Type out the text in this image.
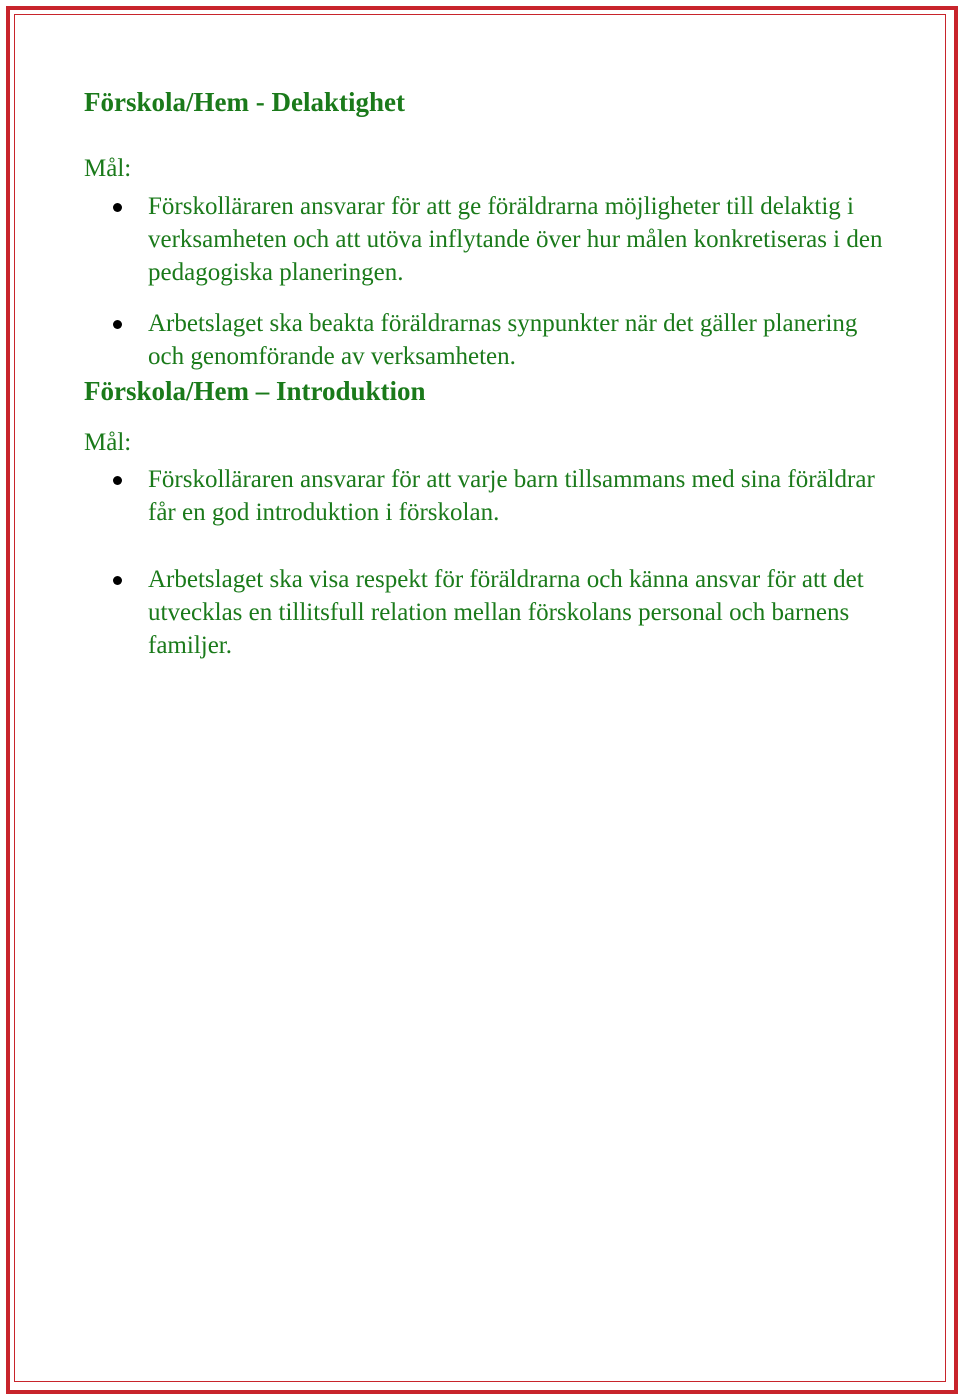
Förskola/Hem - Delaktighet

Mål:

Förskolläraren ansvarar för att ge föräldrarna möjligheter till delaktig i verksamheten och att utöva inflytande över hur målen konkretiseras i den pedagogiska planeringen.
Arbetslaget ska beakta föräldrarnas synpunkter när det gäller planering och genomförande av verksamheten.
Förskola/Hem – Introduktion

Mål:

Förskolläraren ansvarar för att varje barn tillsammans med sina föräldrar får en god introduktion i förskolan.
Arbetslaget ska visa respekt för föräldrarna och känna ansvar för att det utvecklas en tillitsfull relation mellan förskolans personal och barnens familjer.
